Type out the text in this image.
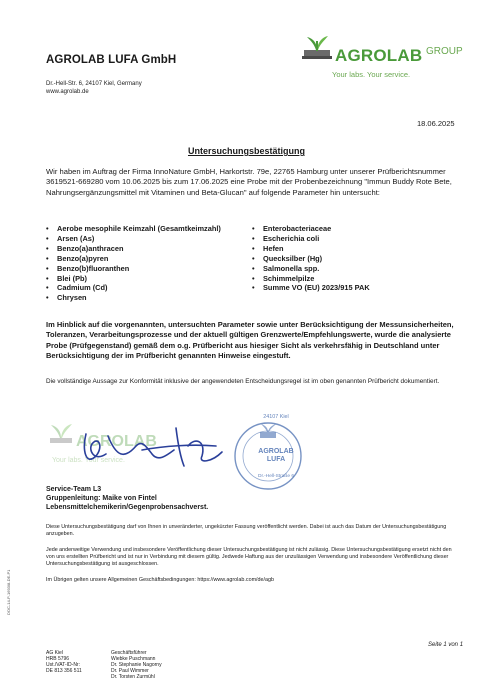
AGROLAB LUFA GmbH
Dr.-Hell-Str. 6, 24107 Kiel, Germany
www.agrolab.de
AGROLAB GROUP
Your labs. Your service.
18.06.2025
Untersuchungsbestätigung
Wir haben im Auftrag der Firma InnoNature GmbH, Harkortstr. 79e, 22765 Hamburg unter unserer Prüfberichtsnummer 3619521-669280 vom 10.06.2025 bis zum 17.06.2025 eine Probe mit der Probenbezeichnung "Immun Buddy Rote Bete, Nahrungsergänzungsmittel mit Vitaminen und Beta-Glucan" auf folgende Parameter hin untersucht:
• Aerobe mesophile Keimzahl (Gesamtkeimzahl)
• Arsen (As)
• Benzo(a)anthracen
• Benzo(a)pyren
• Benzo(b)fluoranthen
• Blei (Pb)
• Cadmium (Cd)
• Chrysen
• Enterobacteriaceae
• Escherichia coli
• Hefen
• Quecksilber (Hg)
• Salmonella spp.
• Schimmelpilze
• Summe VO (EU) 2023/915 PAK
Im Hinblick auf die vorgenannten, untersuchten Parameter sowie unter Berücksichtigung der Messunsicherheiten, Toleranzen, Verarbeitungsprozesse und der aktuell gültigen Grenzwerte/Empfehlungswerte, wurde die analysierte Probe (Prüfgegenstand) gemäß dem o.g. Prüfbericht aus hiesiger Sicht als verkehrsfähig in Deutschland unter Berücksichtigung der im Prüfbericht genannten Hinweise eingestuft.
Die vollständige Aussage zur Konformität inklusive der angewendeten Entscheidungsregel ist im oben genannten Prüfbericht dokumentiert.
AGROLAB
Your labs. Your service.
24107 Kiel
AGROLAB
LUFA
Dr.-Hell-Straße 6
Service-Team L3
Gruppenleitung: Maike von Fintel
Lebensmittelchemikerin/Gegenprobensachverst.
Diese Untersuchungsbestätigung darf von Ihnen in unveränderter, ungekürzter Fassung veröffentlicht werden. Dabei ist auch das Datum der Untersuchungsbestätigung anzugeben.
Jede anderweitige Verwendung und insbesondere Veröffentlichung dieser Untersuchungsbestätigung ist nicht zulässig. Diese Untersuchungsbestätigung ersetzt nicht den von uns erstellten Prüfbericht und ist nur in Verbindung mit diesem gültig. Jedwede Haftung aus der unzulässigen Verwendung und insbesondere Veröffentlichung dieser Untersuchungsbestätigung ist ausgeschlossen.
Im Übrigen gelten unsere Allgemeinen Geschäftsbedingungen: https://www.agrolab.com/de/agb
DOC-14-P-1693/8-DE-P1
Seite 1 von 1
AG Kiel
HRB 5796
Ust./VAT-ID-Nr:
DE 813 356 511
Geschäftsführer
Wiebke Puschmann
Dr. Stephanie Nagorny
Dr. Paul Wimmer
Dr. Torsten Zurmühl
